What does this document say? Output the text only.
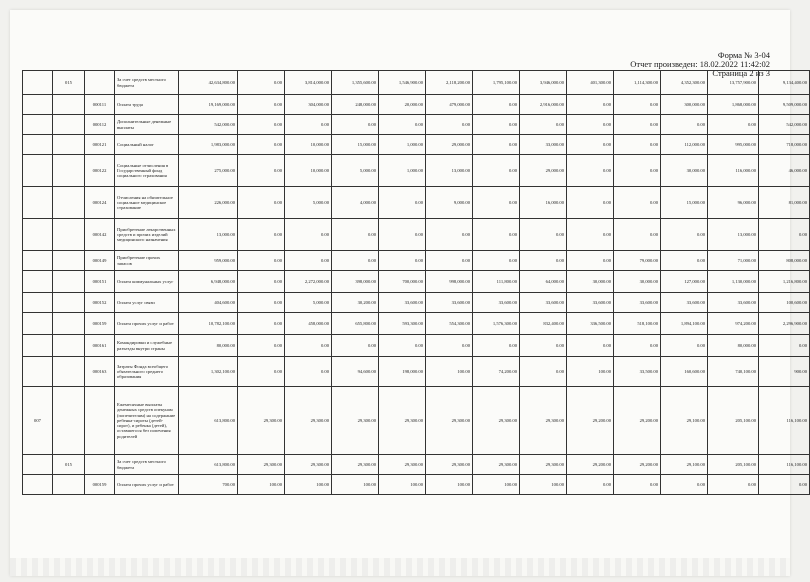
Форма № 3-04
Отчет произведен: 18.02.2022 11:42:02
Страница 2 из 3
	015		За счет средств местного бюджета	42,634,800.00	0.00	3,814,000.00	1,355,600.00	1,546,900.00	2,118,200.00	1,795,100.00	3,946,000.00	401,300.00	1,114,300.00	4,352,300.00	13,757,900.00	9,134,400.00
		000111	Оплата труда	19,169,000.00	0.00	304,000.00	248,000.00	20,000.00	479,000.00	0.00	2,916,000.00	0.00	0.00	300,000.00	1,868,000.00	9,509,000.00
		000112	Дополнительные денежные выплаты	542,000.00	0.00	0.00	0.00	0.00	0.00	0.00	0.00	0.00	0.00	0.00	0.00	542,000.00
		000121	Социальный налог	1,983,000.00	0.00	10,000.00	15,000.00	1,000.00	29,000.00	0.00	33,000.00	0.00	0.00	112,000.00	995,000.00	718,000.00
		000122	Социальные отчисления в Государственный фонд социального страхования	275,000.00	0.00	10,000.00	5,000.00	1,000.00	13,000.00	0.00	29,000.00	0.00	0.00	30,000.00	116,000.00	46,000.00
		000124	Отчисления на обязательное социальное медицинское страхование	226,000.00	0.00	5,000.00	4,000.00	0.00	9,000.00	0.00	16,000.00	0.00	0.00	15,000.00	96,000.00	81,000.00
		000142	Приобретение лекарственных средств и прочих изделий медицинского назначения	13,000.00	0.00	0.00	0.00	0.00	0.00	0.00	0.00	0.00	0.00	0.00	13,000.00	0.00
		000149	Приобретение прочих запасов	959,000.00	0.00	0.00	0.00	0.00	0.00	0.00	0.00	0.00	79,000.00	0.00	71,000.00	808,000.00
		000151	Оплата коммунальных услуг	6,948,000.00	0.00	2,272,000.00	398,000.00	700,000.00	998,000.00	111,800.00	64,000.00	30,000.00	30,000.00	127,000.00	1,130,000.00	1,216,800.00
		000152	Оплата услуг связи	404,600.00	0.00	5,000.00	30,200.00	33,600.00	33,600.00	33,600.00	33,600.00	33,600.00	33,600.00	33,600.00	33,600.00	100,600.00
		000159	Оплата прочих услуг и работ	10,782,100.00	0.00	458,000.00	655,800.00	593,300.00	554,300.00	1,576,300.00	832,400.00	336,500.00	518,100.00	1,894,100.00	974,200.00	2,296,900.00
		000161	Командировки и служебные разъезды внутри страны	80,000.00	0.00	0.00	0.00	0.00	0.00	0.00	0.00	0.00	0.00	0.00	80,000.00	0.00
		000163	Затраты Фонда всеобщего обязательного среднего образования	1,302,100.00	0.00	0.00	94,600.00	198,000.00	100.00	74,200.00	0.00	100.00	33,500.00	160,600.00	740,100.00	900.00
007			Ежемесячные выплаты денежных средств опекунам (попечителям) на содержание ребенка-сироты (детей-сирот), и ребенка (детей), оставшегося без попечения родителей	613,800.00	29,300.00	29,300.00	29,300.00	29,300.00	29,300.00	29,300.00	29,300.00	29,200.00	29,200.00	29,100.00	205,100.00	116,100.00
	015		За счет средств местного бюджета	613,800.00	29,300.00	29,300.00	29,300.00	29,300.00	29,300.00	29,300.00	29,300.00	29,200.00	29,200.00	29,100.00	205,100.00	116,100.00
		000159	Оплата прочих услуг и работ	700.00	100.00	100.00	100.00	100.00	100.00	100.00	100.00	0.00	0.00	0.00	0.00	0.00
